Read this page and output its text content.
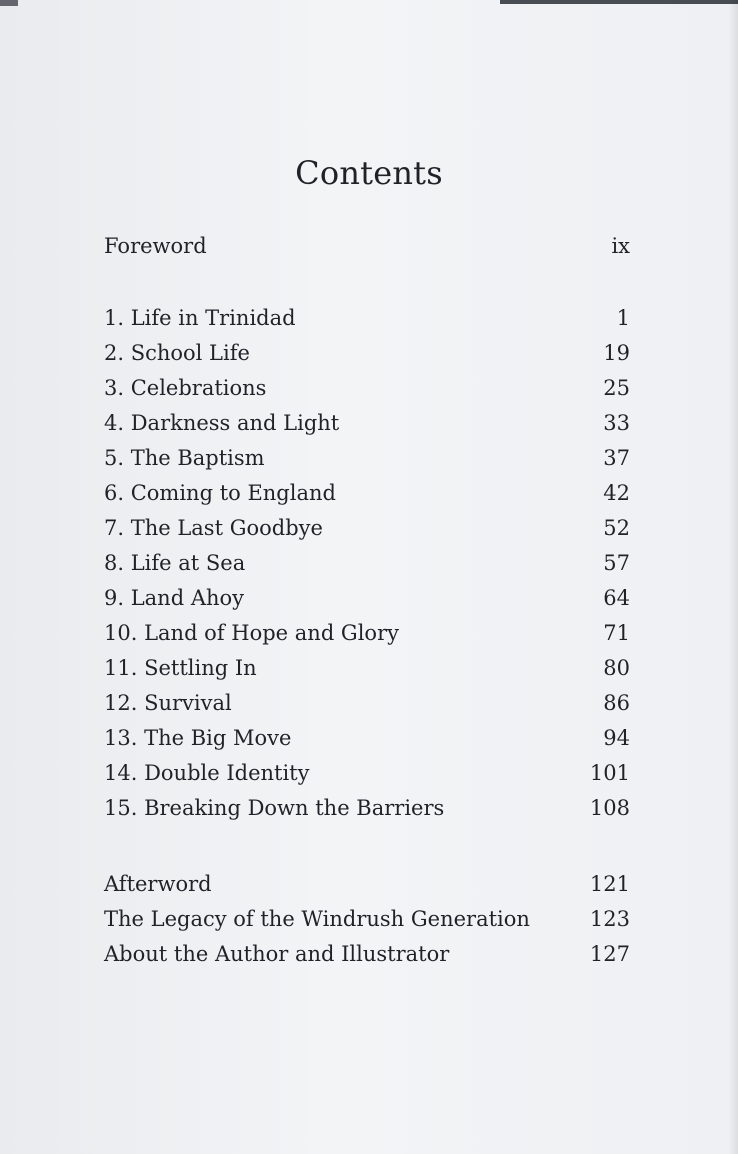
Contents
Foreword	ix
1. Life in Trinidad	1
2. School Life	19
3. Celebrations	25
4. Darkness and Light	33
5. The Baptism	37
6. Coming to England	42
7. The Last Goodbye	52
8. Life at Sea	57
9. Land Ahoy	64
10. Land of Hope and Glory	71
11. Settling In	80
12. Survival	86
13. The Big Move	94
14. Double Identity	101
15. Breaking Down the Barriers	108
Afterword	121
The Legacy of the Windrush Generation	123
About the Author and Illustrator	127
